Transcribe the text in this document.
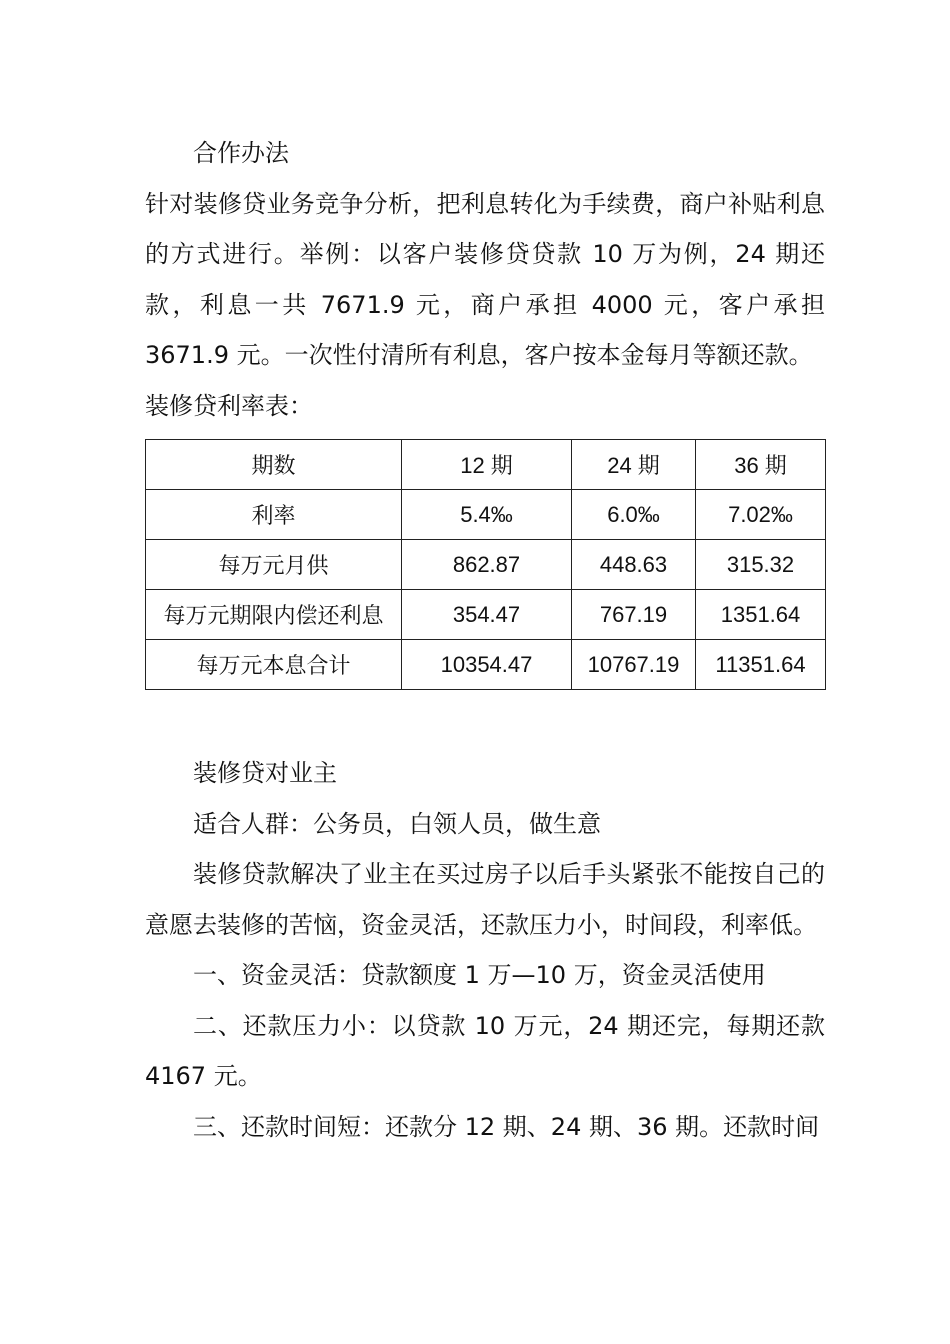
合作办法

针对装修贷业务竞争分析，把利息转化为手续费，商户补贴利息的方式进行。举例：以客户装修贷贷款 10 万为例，24 期还款，利息一共 7671.9 元，商户承担 4000 元，客户承担 3671.9 元。一次性付清所有利息，客户按本金每月等额还款。

装修贷利率表：

期数	12 期	24 期	36 期
利率	5.4‰	6.0‰	7.02‰
每万元月供	862.87	448.63	315.32
每万元期限内偿还利息	354.47	767.19	1351.64
每万元本息合计	10354.47	10767.19	11351.64

装修贷对业主

适合人群：公务员，白领人员，做生意

装修贷款解决了业主在买过房子以后手头紧张不能按自己的意愿去装修的苦恼，资金灵活，还款压力小，时间段，利率低。

一、资金灵活：贷款额度 1 万—10 万，资金灵活使用

二、还款压力小：以贷款 10 万元，24 期还完，每期还款 4167 元。

三、还款时间短：还款分 12 期、24 期、36 期。还款时间
